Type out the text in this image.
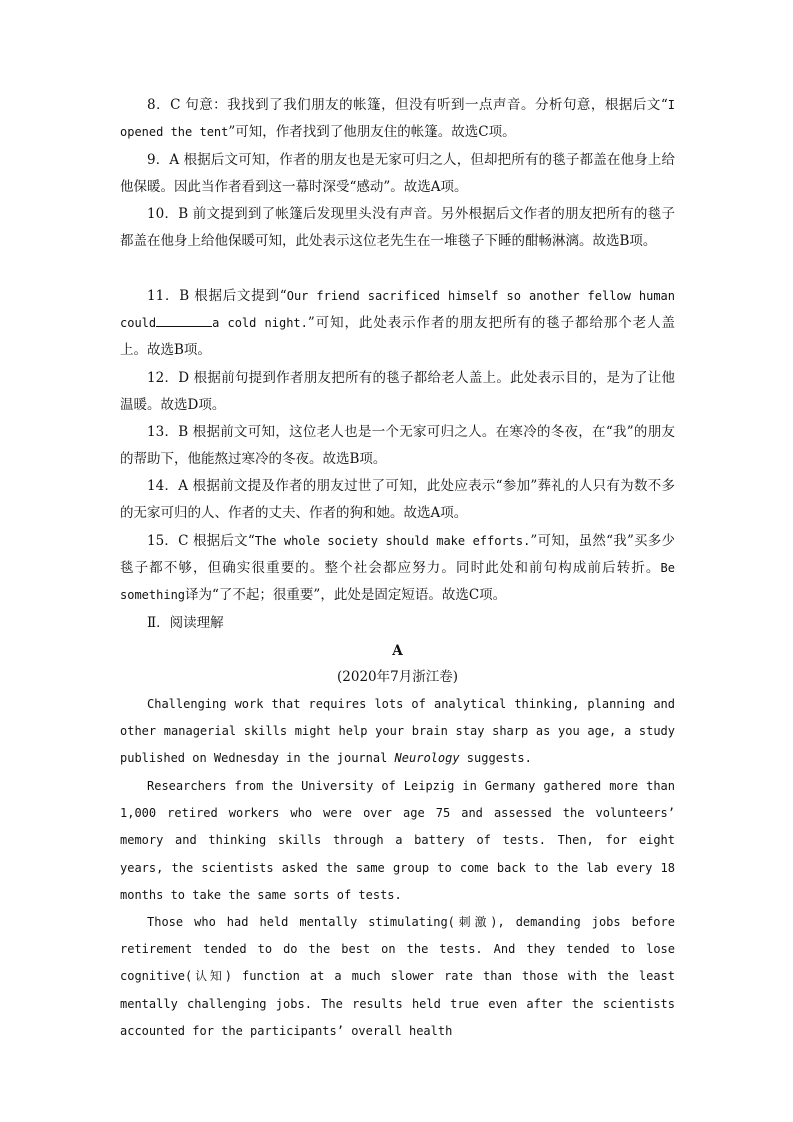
8．C 句意：我找到了我们朋友的帐篷，但没有听到一点声音。分析句意，根据后文“I opened the tent”可知，作者找到了他朋友住的帐篷。故选C项。

9．A 根据后文可知，作者的朋友也是无家可归之人，但却把所有的毯子都盖在他身上给他保暖。因此当作者看到这一幕时深受“感动”。故选A项。

10．B 前文提到到了帐篷后发现里头没有声音。另外根据后文作者的朋友把所有的毯子都盖在他身上给他保暖可知，此处表示这位老先生在一堆毯子下睡的酣畅淋漓。故选B项。

11．B 根据后文提到“Our friend sacrificed himself so another fellow human could	a cold night.”可知，此处表示作者的朋友把所有的毯子都给那个老人盖上。故选B项。

12．D 根据前句提到作者朋友把所有的毯子都给老人盖上。此处表示目的，是为了让他温暖。故选D项。

13．B 根据前文可知，这位老人也是一个无家可归之人。在寒冷的冬夜，在“我”的朋友的帮助下，他能熬过寒冷的冬夜。故选B项。

14．A 根据前文提及作者的朋友过世了可知，此处应表示“参加”葬礼的人只有为数不多的无家可归的人、作者的丈夫、作者的狗和她。故选A项。

15．C 根据后文“The whole society should make efforts.”可知，虽然“我”买多少毯子都不够，但确实很重要的。整个社会都应努力。同时此处和前句构成前后转折。Be something译为“了不起；很重要”，此处是固定短语。故选C项。

Ⅱ．阅读理解

A

(2020年7月浙江卷)

Challenging work that requires lots of analytical thinking, planning and other managerial skills might help your brain stay sharp as you age, a study published on Wednesday in the journal Neurology suggests.

Researchers from the University of Leipzig in Germany gathered more than 1,000 retired workers who were over age 75 and assessed the volunteers’ memory and thinking skills through a battery of tests. Then, for eight years, the scientists asked the same group to come back to the lab every 18 months to take the same sorts of tests.

Those who had held mentally stimulating(刺激), demanding jobs before retirement tended to do the best on the tests. And they tended to lose cognitive(认知) function at a much slower rate than those with the least mentally challenging jobs. The results held true even after the scientists accounted for the participants’ overall health
